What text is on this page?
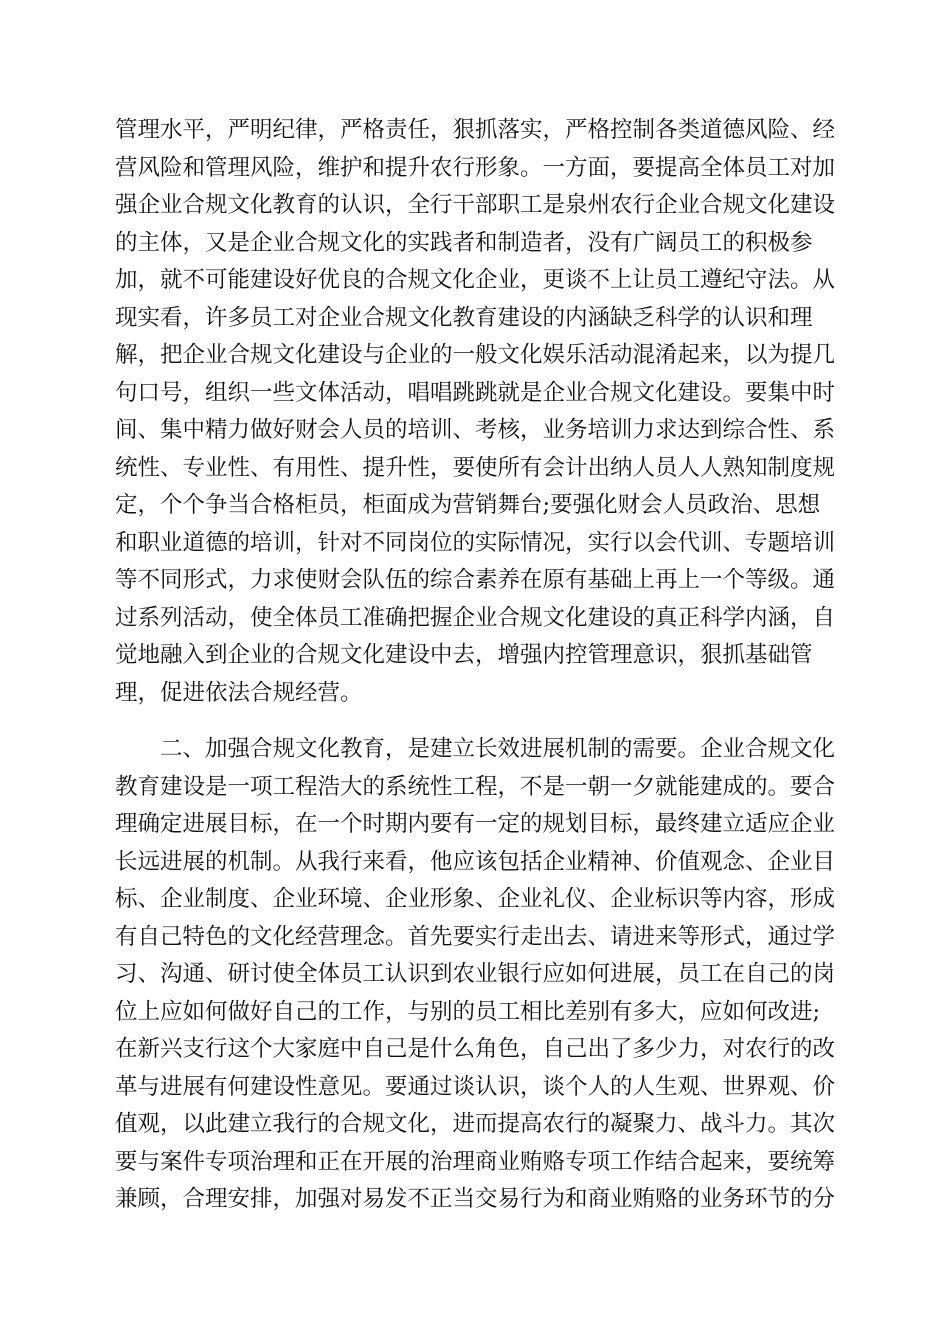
管理水平，严明纪律，严格责任，狠抓落实，严格控制各类道德风险、经
营风险和管理风险，维护和提升农行形象。一方面，要提高全体员工对加
强企业合规文化教育的认识，全行干部职工是泉州农行企业合规文化建设
的主体，又是企业合规文化的实践者和制造者，没有广阔员工的积极参
加，就不可能建设好优良的合规文化企业，更谈不上让员工遵纪守法。从
现实看，许多员工对企业合规文化教育建设的内涵缺乏科学的认识和理
解，把企业合规文化建设与企业的一般文化娱乐活动混淆起来，以为提几
句口号，组织一些文体活动，唱唱跳跳就是企业合规文化建设。要集中时
间、集中精力做好财会人员的培训、考核，业务培训力求达到综合性、系
统性、专业性、有用性、提升性，要使所有会计出纳人员人人熟知制度规
定，个个争当合格柜员，柜面成为营销舞台;要强化财会人员政治、思想
和职业道德的培训，针对不同岗位的实际情况，实行以会代训、专题培训
等不同形式，力求使财会队伍的综合素养在原有基础上再上一个等级。通
过系列活动，使全体员工准确把握企业合规文化建设的真正科学内涵，自
觉地融入到企业的合规文化建设中去，增强内控管理意识，狠抓基础管
理，促进依法合规经营。
　　二、加强合规文化教育，是建立长效进展机制的需要。企业合规文化
教育建设是一项工程浩大的系统性工程，不是一朝一夕就能建成的。要合
理确定进展目标，在一个时期内要有一定的规划目标，最终建立适应企业
长远进展的机制。从我行来看，他应该包括企业精神、价值观念、企业目
标、企业制度、企业环境、企业形象、企业礼仪、企业标识等内容，形成
有自己特色的文化经营理念。首先要实行走出去、请进来等形式，通过学
习、沟通、研讨使全体员工认识到农业银行应如何进展，员工在自己的岗
位上应如何做好自己的工作，与别的员工相比差别有多大，应如何改进;
在新兴支行这个大家庭中自己是什么角色，自己出了多少力，对农行的改
革与进展有何建设性意见。要通过谈认识，谈个人的人生观、世界观、价
值观，以此建立我行的合规文化，进而提高农行的凝聚力、战斗力。其次
要与案件专项治理和正在开展的治理商业贿赂专项工作结合起来，要统筹
兼顾，合理安排，加强对易发不正当交易行为和商业贿赂的业务环节的分
